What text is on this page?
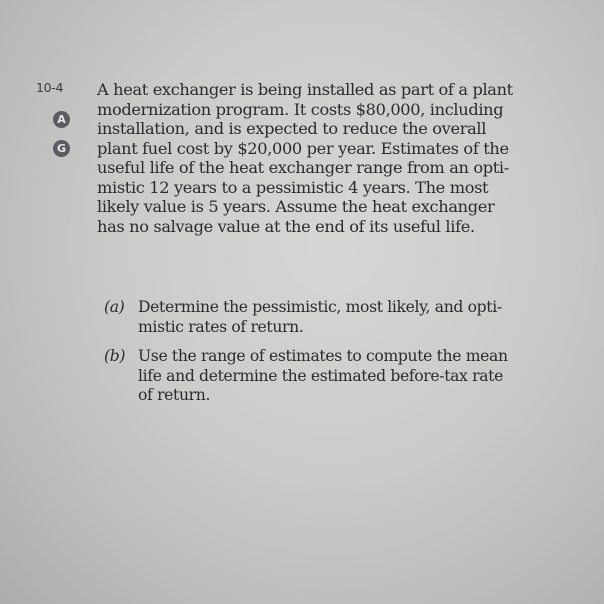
10-4
A
G
A heat exchanger is being installed as part of a plant
modernization program. It costs $80,000, including
installation, and is expected to reduce the overall
plant fuel cost by $20,000 per year. Estimates of the
useful life of the heat exchanger range from an opti-
mistic 12 years to a pessimistic 4 years. The most
likely value is 5 years. Assume the heat exchanger
has no salvage value at the end of its useful life.
(a) Determine the pessimistic, most likely, and opti-
mistic rates of return.
(b) Use the range of estimates to compute the mean
life and determine the estimated before-tax rate
of return.
